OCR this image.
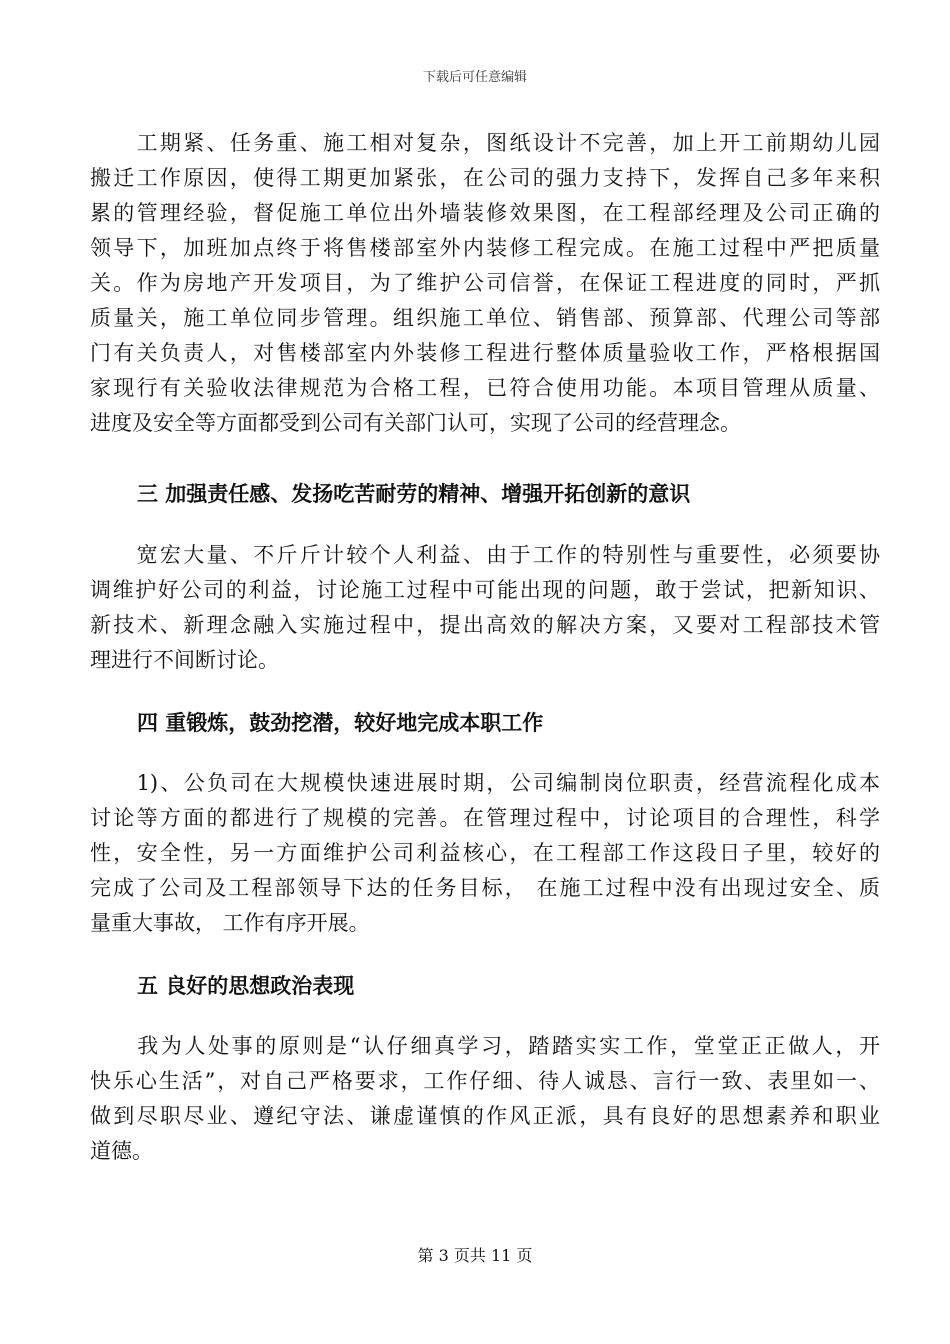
下载后可任意编辑
　　工期紧、任务重、施工相对复杂，图纸设计不完善，加上开工前期幼儿园
搬迁工作原因，使得工期更加紧张，在公司的强力支持下，发挥自己多年来积
累的管理经验，督促施工单位出外墙装修效果图，在工程部经理及公司正确的
领导下，加班加点终于将售楼部室外内装修工程完成。在施工过程中严把质量
关。作为房地产开发项目，为了维护公司信誉，在保证工程进度的同时，严抓
质量关，施工单位同步管理。组织施工单位、销售部、预算部、代理公司等部
门有关负责人，对售楼部室内外装修工程进行整体质量验收工作，严格根据国
家现行有关验收法律规范为合格工程，已符合使用功能。本项目管理从质量、
进度及安全等方面都受到公司有关部门认可，实现了公司的经营理念。
三 加强责任感、发扬吃苦耐劳的精神、增强开拓创新的意识
　　宽宏大量、不斤斤计较个人利益、由于工作的特别性与重要性，必须要协
调维护好公司的利益，讨论施工过程中可能出现的问题，敢于尝试，把新知识、
新技术、新理念融入实施过程中，提出高效的解决方案，又要对工程部技术管
理进行不间断讨论。
四 重锻炼，鼓劲挖潜，较好地完成本职工作
　　1)、公负司在大规模快速进展时期，公司编制岗位职责，经营流程化成本
讨论等方面的都进行了规模的完善。在管理过程中，讨论项目的合理性，科学
性，安全性，另一方面维护公司利益核心，在工程部工作这段日子里，较好的
完成了公司及工程部领导下达的任务目标， 在施工过程中没有出现过安全、质
量重大事故， 工作有序开展。
五 良好的思想政治表现
　　我为人处事的原则是“认仔细真学习，踏踏实实工作，堂堂正正做人，开
快乐心生活”，对自己严格要求，工作仔细、待人诚恳、言行一致、表里如一、
做到尽职尽业、遵纪守法、谦虚谨慎的作风正派，具有良好的思想素养和职业
道德。
第 3 页共 11 页
